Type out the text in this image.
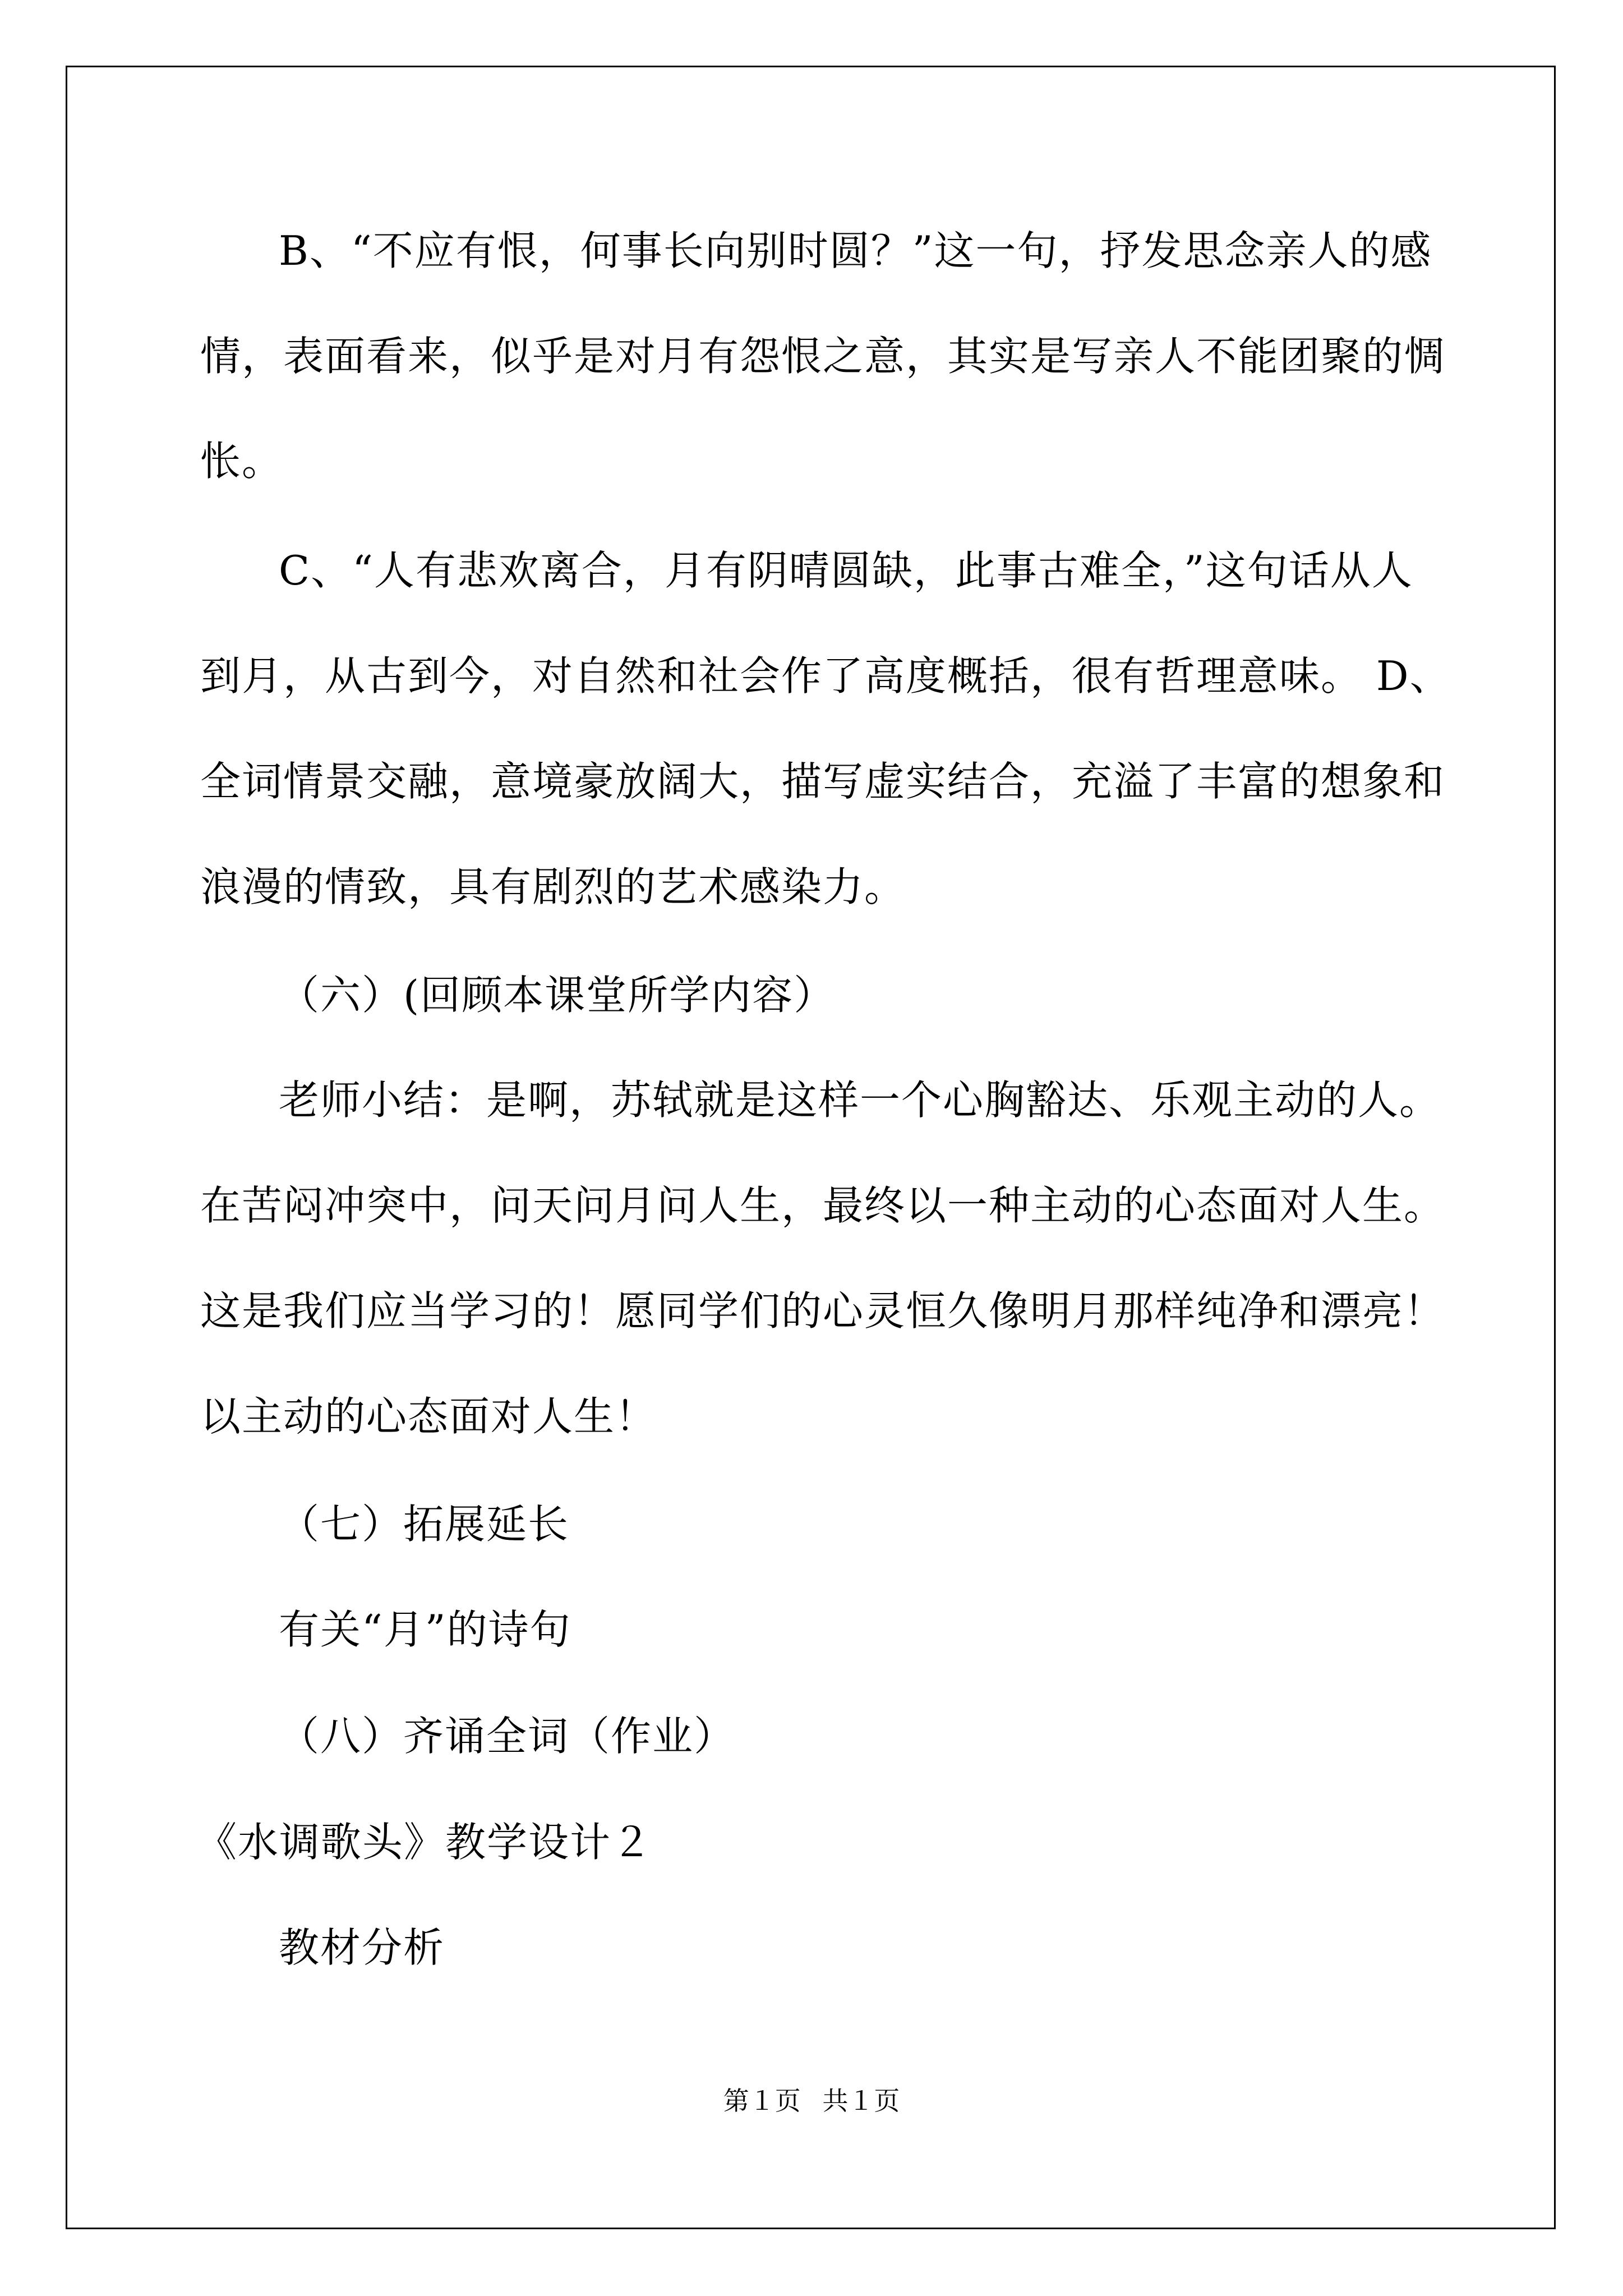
B、“不应有恨，何事长向别时圆？”这一句，抒发思念亲人的感
情，表面看来，似乎是对月有怨恨之意，其实是写亲人不能团聚的惆
怅。
C、“人有悲欢离合，月有阴晴圆缺，此事古难全，”这句话从人
到月，从古到今，对自然和社会作了高度概括，很有哲理意味。 D、
全词情景交融，意境豪放阔大，描写虚实结合，充溢了丰富的想象和
浪漫的情致，具有剧烈的艺术感染力。
（六）(回顾本课堂所学内容）
老师小结：是啊，苏轼就是这样一个心胸豁达、乐观主动的人。
在苦闷冲突中，问天问月问人生，最终以一种主动的心态面对人生。
这是我们应当学习的！愿同学们的心灵恒久像明月那样纯净和漂亮！
以主动的心态面对人生！
（七）拓展延长
有关“月”的诗句
（八）齐诵全词（作业）
《水调歌头》教学设计２
教材分析
第１页 共１页
